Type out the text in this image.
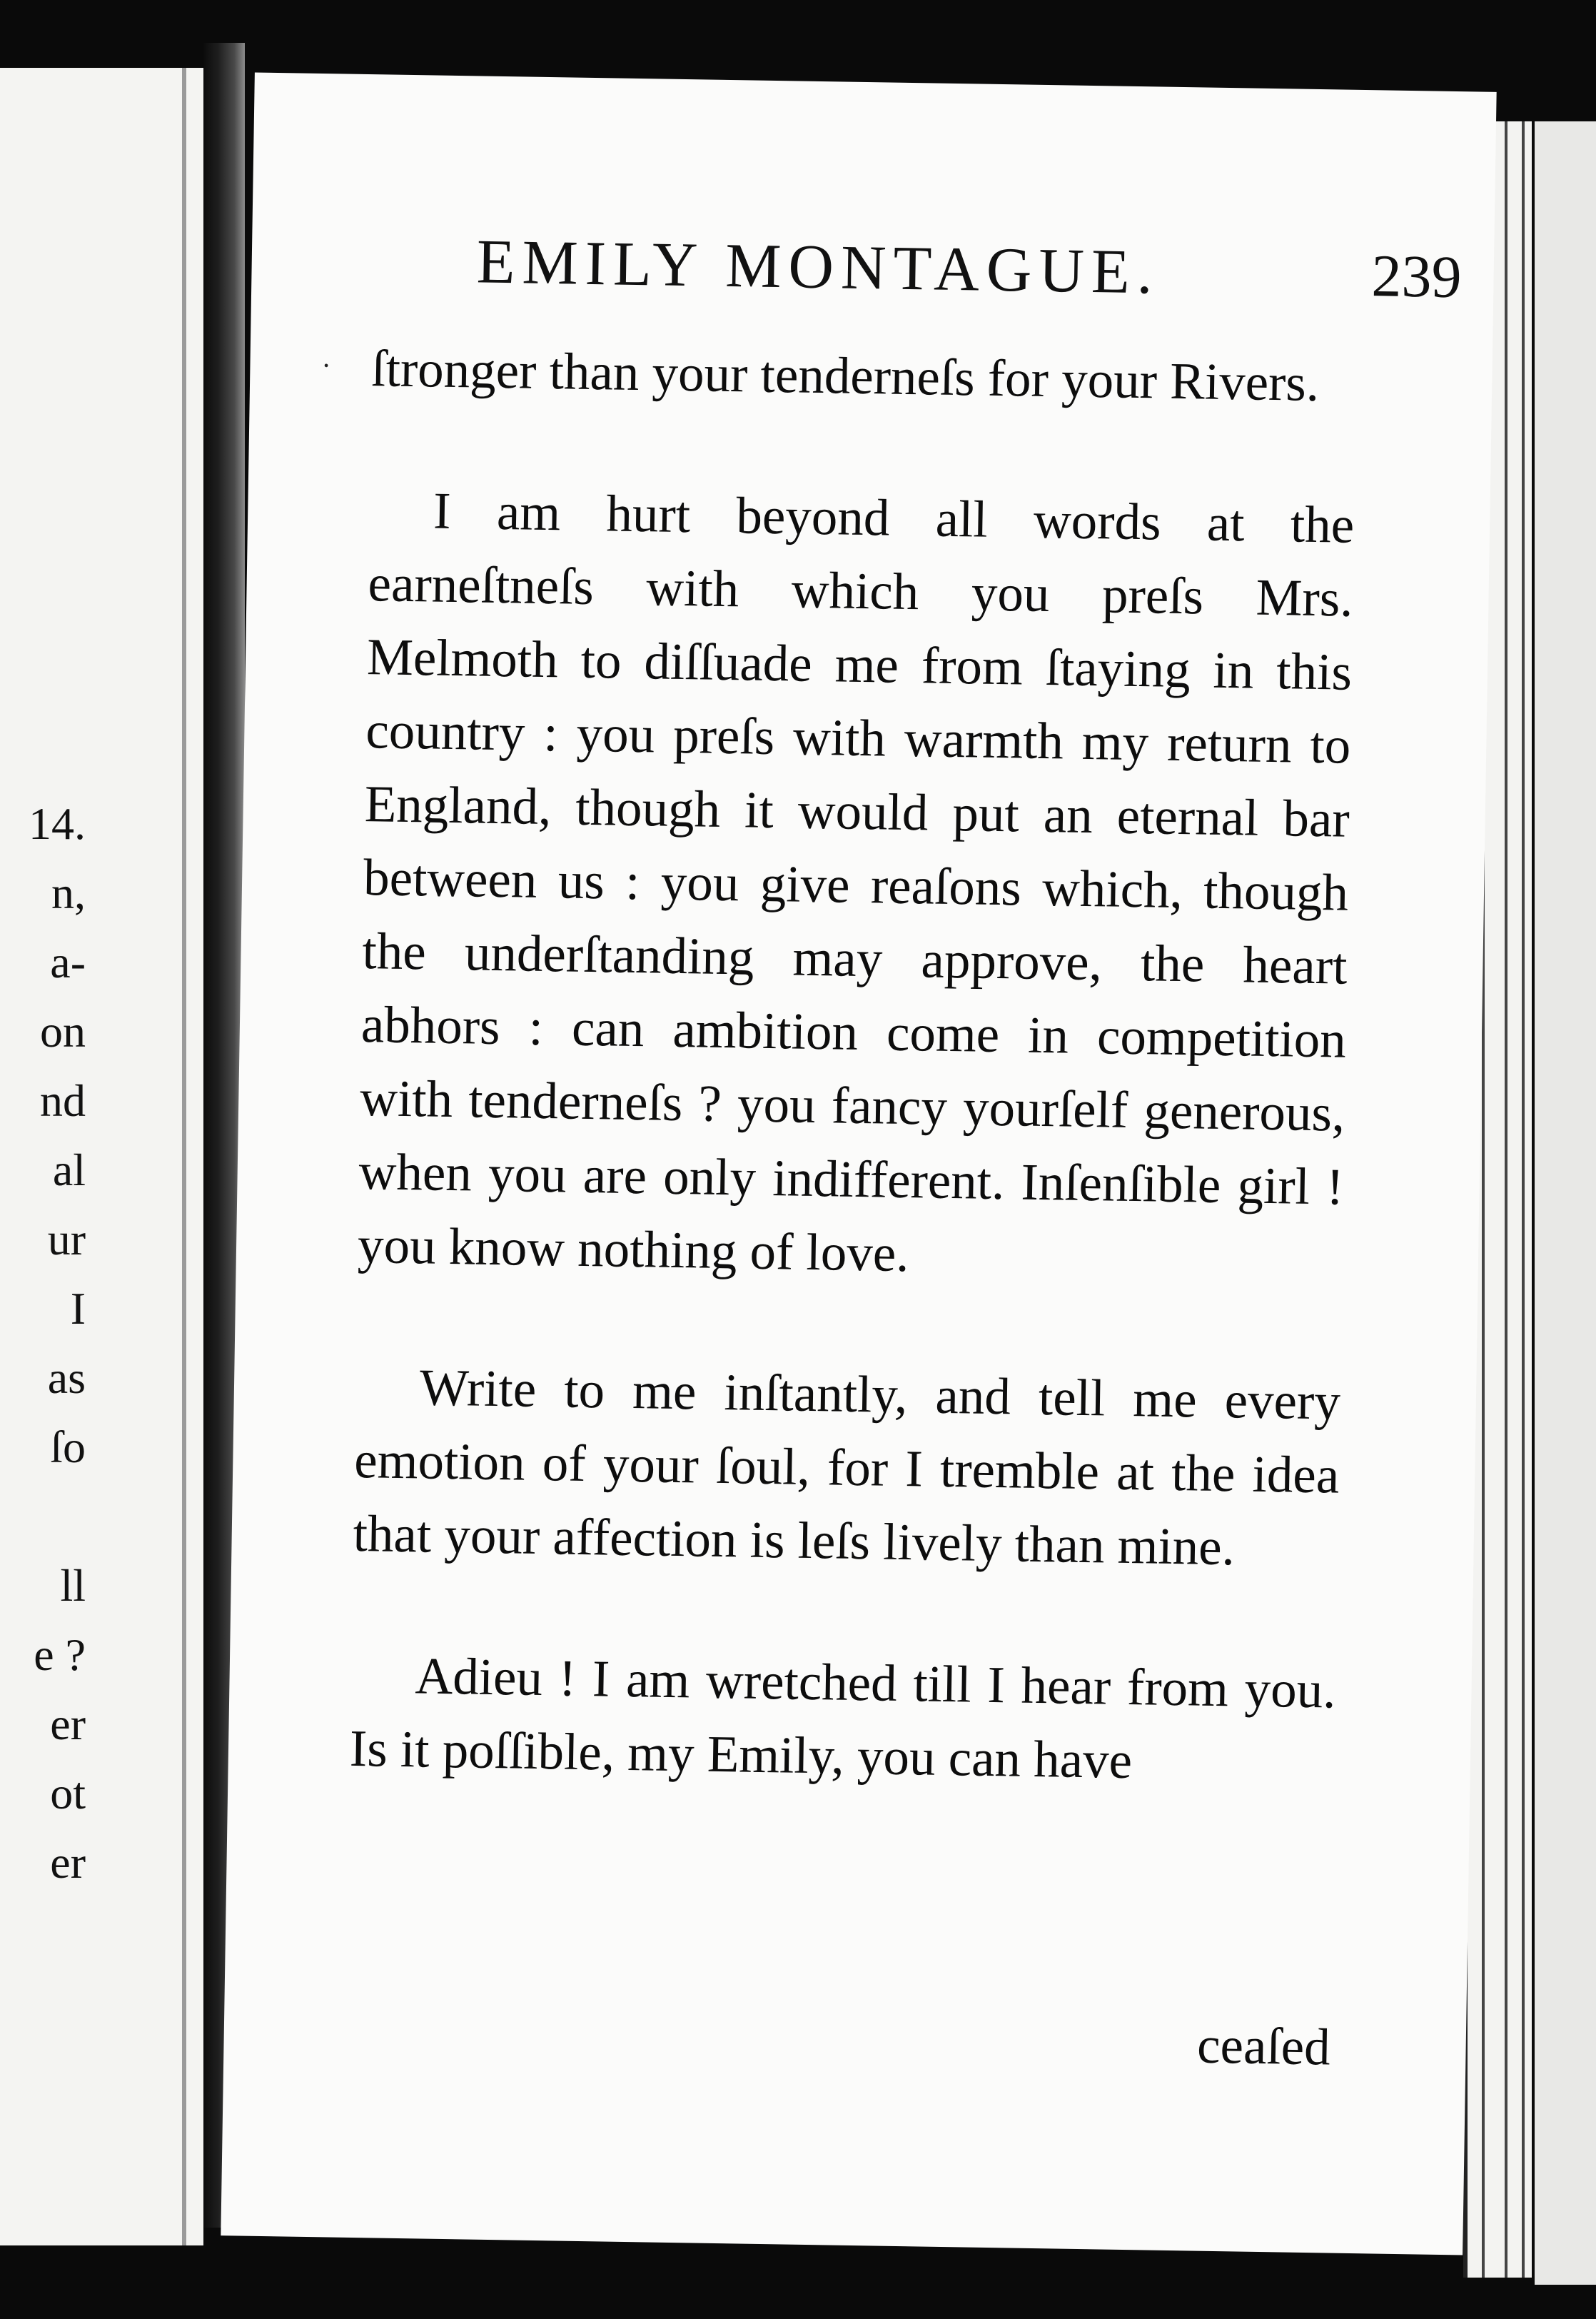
14.
n,
a-
on
nd
al
ur
I
as
ſo
ll
e ?
er
ot
er
EMILY MONTAGUE.	239
· ſtronger than your tenderneſs for your Rivers.

I am hurt beyond all words at the earneſtneſs with which you preſs Mrs. Melmoth to diſſuade me from ſtaying in this country : you preſs with warmth my return to England, though it would put an eternal bar between us : you give reaſons which, though the underſtanding may approve, the heart abhors : can ambition come in competition with tenderneſs ? you fancy yourſelf generous, when you are only indifferent. Inſenſible girl ! you know nothing of love.

Write to me inſtantly, and tell me every emotion of your ſoul, for I tremble at the idea that your affection is leſs lively than mine.

Adieu ! I am wretched till I hear from you. Is it poſſible, my Emily, you can have

ceaſed
